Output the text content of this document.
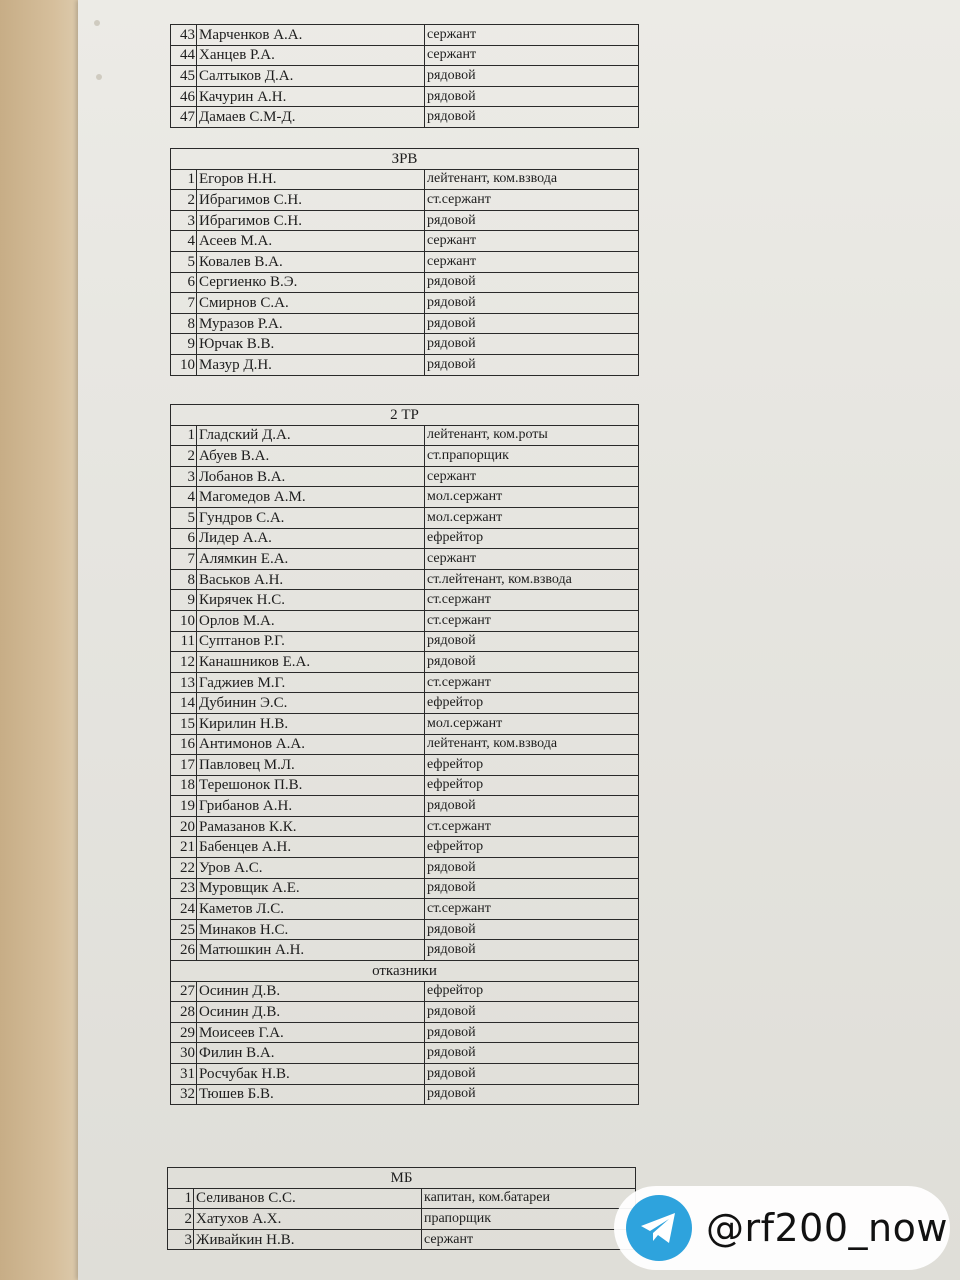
43	Марченков А.А.	сержант
44	Ханцев Р.А.	сержант
45	Салтыков Д.А.	рядовой
46	Качурин А.Н.	рядовой
47	Дамаев С.М-Д.	рядовой
ЗРВ		
1	Егоров Н.Н.	лейтенант, ком.взвода
2	Ибрагимов С.Н.	ст.сержант
3	Ибрагимов С.Н.	рядовой
4	Асеев М.А.	сержант
5	Ковалев В.А.	сержант
6	Сергиенко В.Э.	рядовой
7	Смирнов С.А.	рядовой
8	Муразов Р.А.	рядовой
9	Юрчак В.В.	рядовой
10	Мазур Д.Н.	рядовой
2 ТР		
1	Гладский Д.А.	лейтенант, ком.роты
2	Абуев В.А.	ст.прапорщик
3	Лобанов В.А.	сержант
4	Магомедов А.М.	мол.сержант
5	Гундров С.А.	мол.сержант
6	Лидер А.А.	ефрейтор
7	Алямкин Е.А.	сержант
8	Васьков А.Н.	ст.лейтенант, ком.взвода
9	Кирячек Н.С.	ст.сержант
10	Орлов М.А.	ст.сержант
11	Суптанов Р.Г.	рядовой
12	Канашников Е.А.	рядовой
13	Гаджиев М.Г.	ст.сержант
14	Дубинин Э.С.	ефрейтор
15	Кирилин Н.В.	мол.сержант
16	Антимонов А.А.	лейтенант, ком.взвода
17	Павловец М.Л.	ефрейтор
18	Терешонок П.В.	ефрейтор
19	Грибанов А.Н.	рядовой
20	Рамазанов К.К.	ст.сержант
21	Бабенцев А.Н.	ефрейтор
22	Уров А.С.	рядовой
23	Муровщик А.Е.	рядовой
24	Каметов Л.С.	ст.сержант
25	Минаков Н.С.	рядовой
26	Матюшкин А.Н.	рядовой
отказники		
27	Осинин Д.В.	ефрейтор
28	Осинин Д.В.	рядовой
29	Моисеев Г.А.	рядовой
30	Филин В.А.	рядовой
31	Росчубак Н.В.	рядовой
32	Тюшев Б.В.	рядовой
МБ		
1	Селиванов С.С.	капитан, ком.батареи
2	Хатухов А.Х.	прапорщик
3	Живайкин Н.В.	сержант	@rf200_now
